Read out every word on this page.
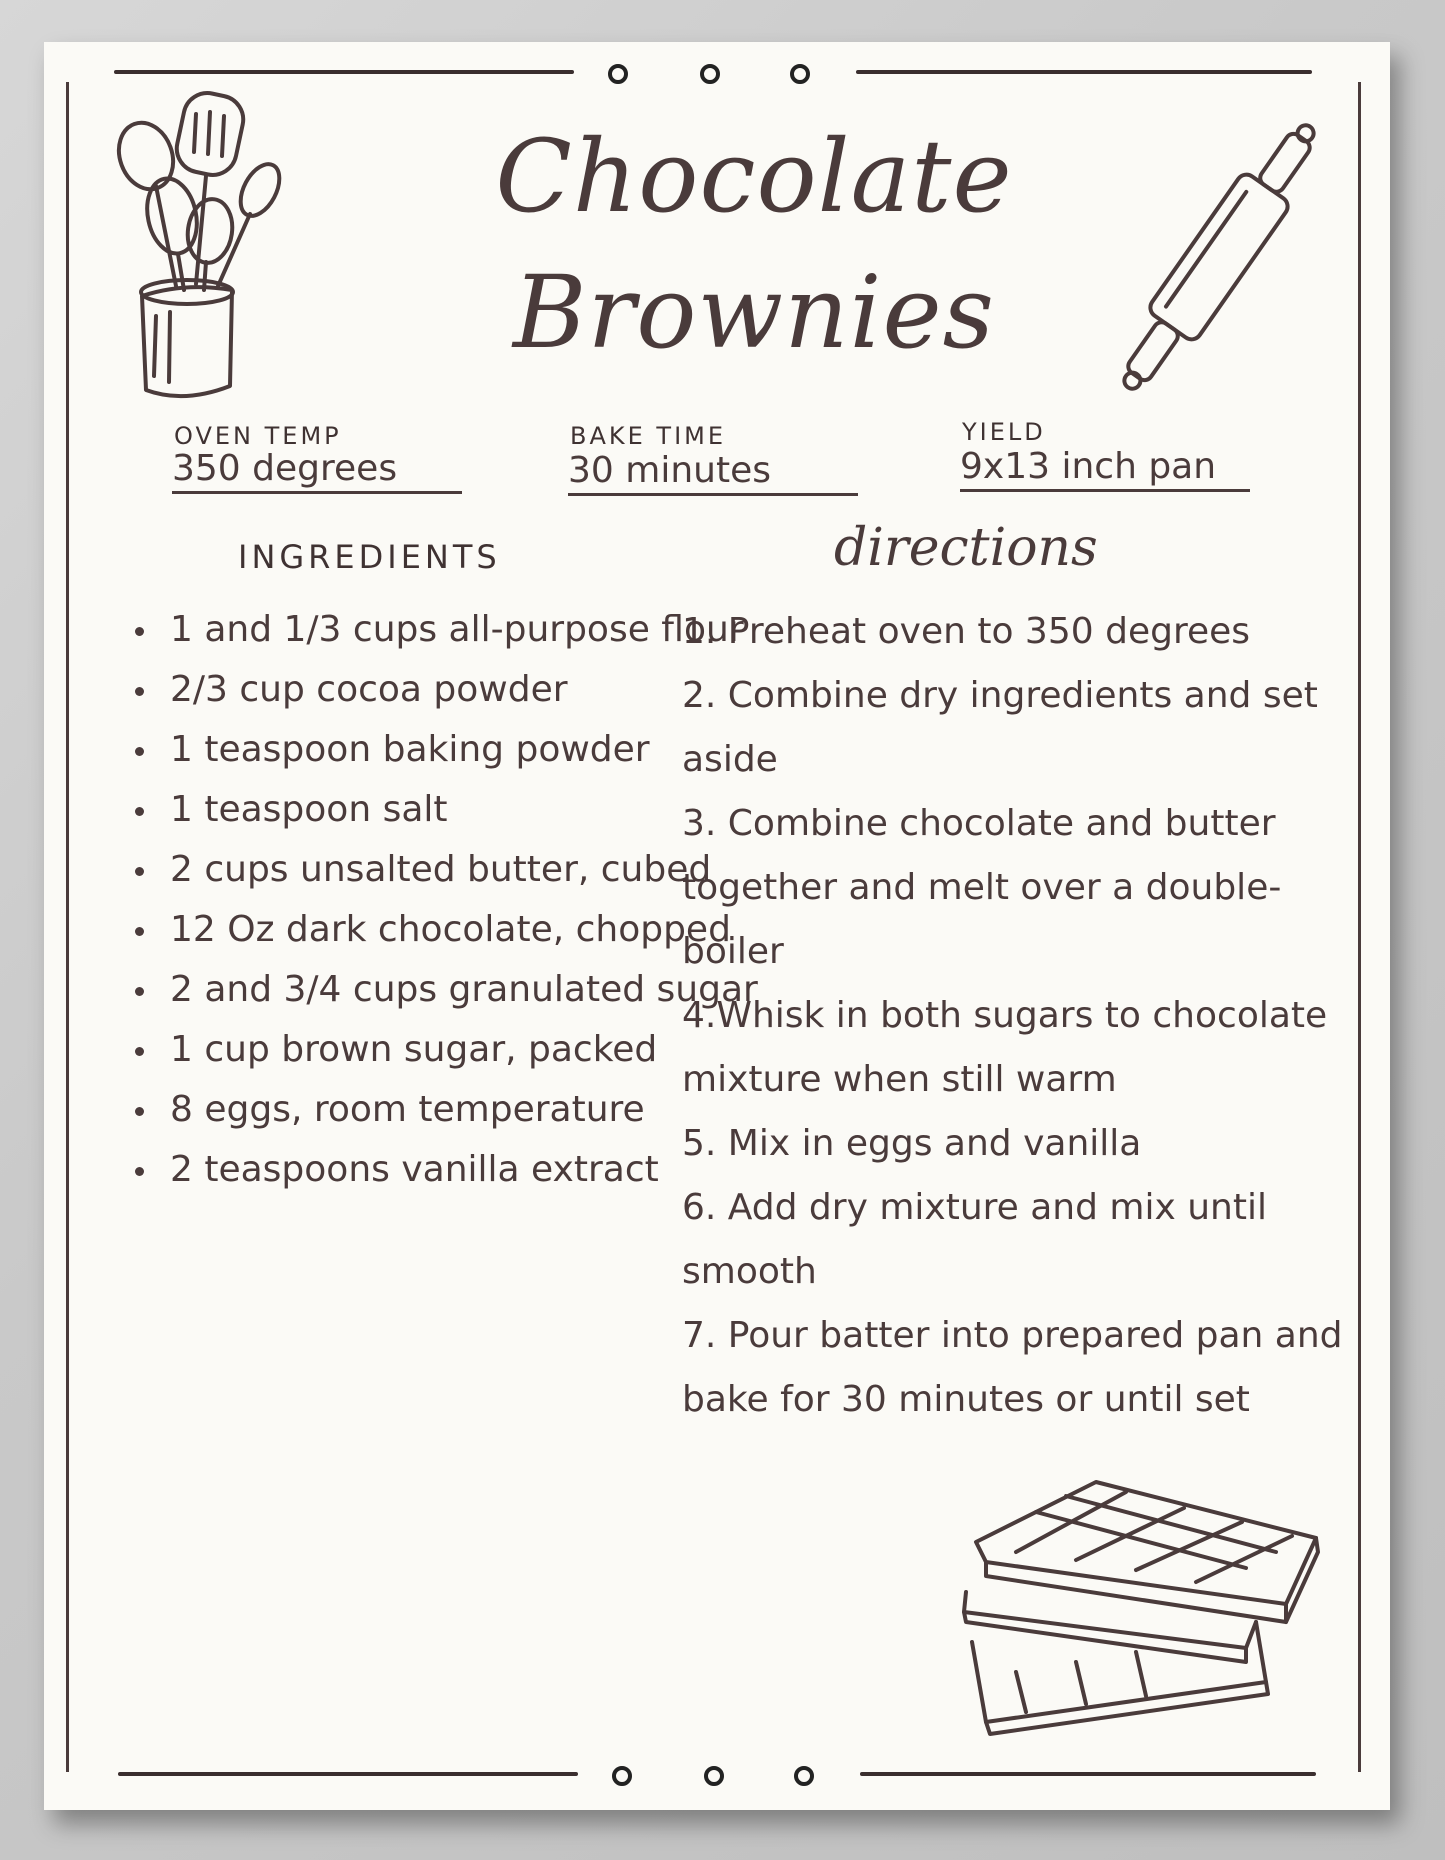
Chocolate
Brownies
OVEN TEMP
350 degrees
BAKE TIME
30 minutes
YIELD
9x13 inch pan
INGREDIENTS	directions
• 1 and 1/3 cups all-purpose flour
• 2/3 cup cocoa powder
• 1 teaspoon baking powder
• 1 teaspoon salt
• 2 cups unsalted butter, cubed
• 12 Oz dark chocolate, chopped
• 2 and 3/4 cups granulated sugar
• 1 cup brown sugar, packed
• 8 eggs, room temperature
• 2 teaspoons vanilla extract

1. Preheat oven to 350 degrees

2. Combine dry ingredients and set aside

3. Combine chocolate and butter together and melt over a double-boiler

4.Whisk in both sugars to chocolate mixture when still warm

5. Mix in eggs and vanilla

6. Add dry mixture and mix until smooth

7. Pour batter into prepared pan and bake for 30 minutes or until set
